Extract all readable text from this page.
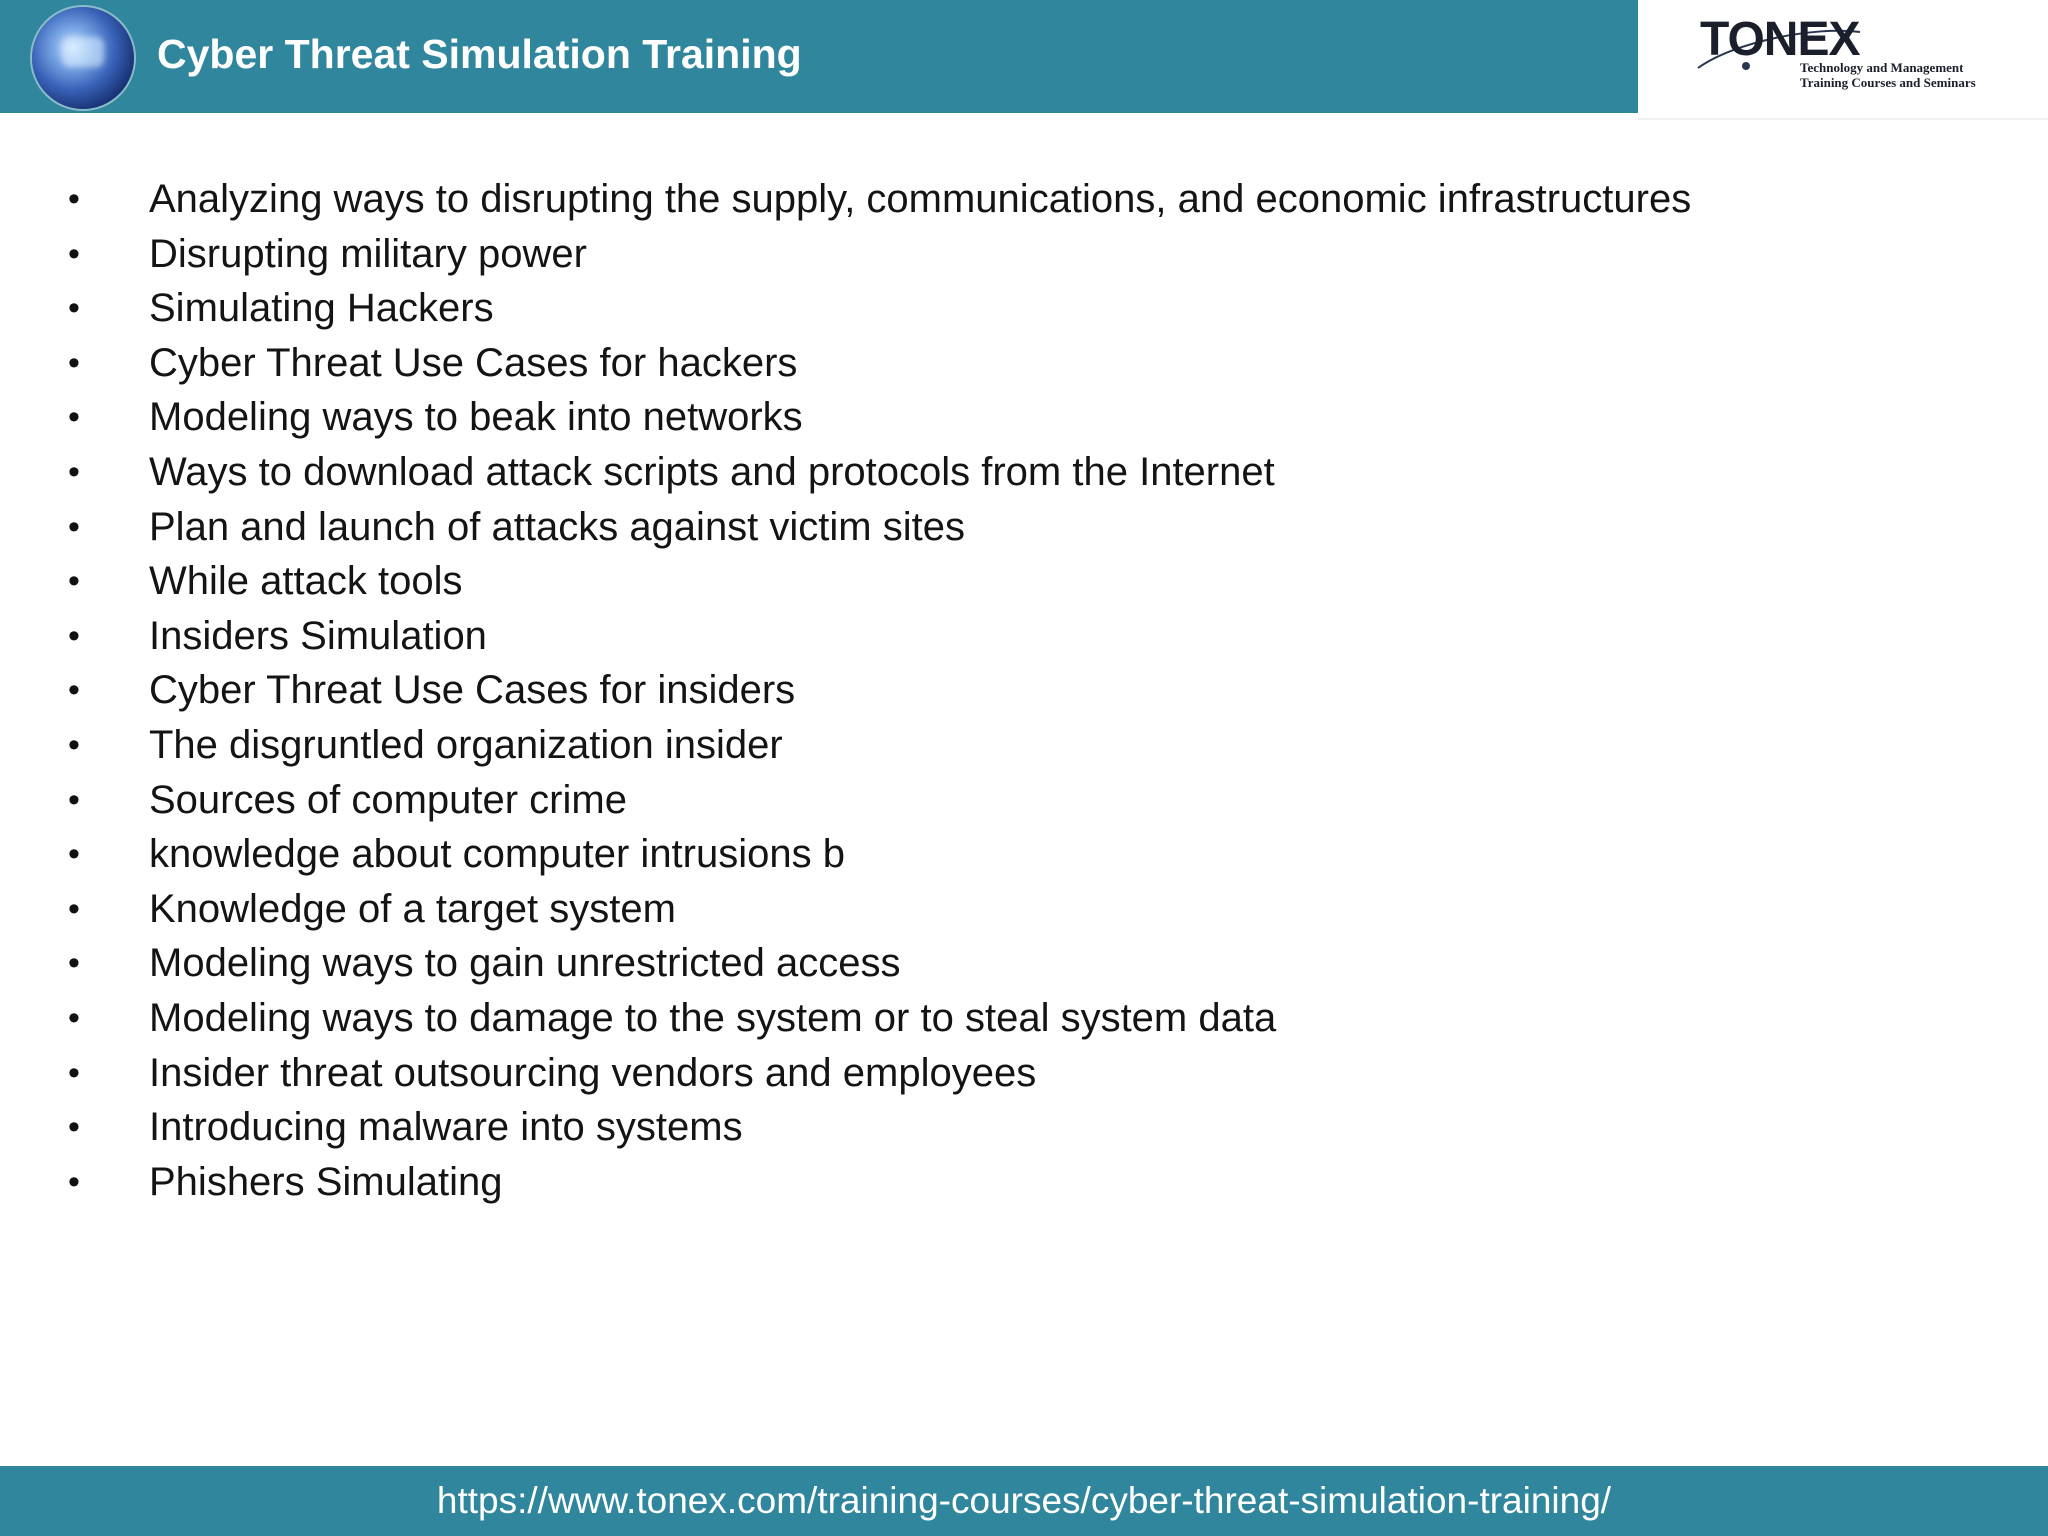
Cyber Threat Simulation Training	TONEX
Technology and Management
Training Courses and Seminars
• Analyzing ways to disrupting the supply, communications, and economic infrastructures
• Disrupting military power
• Simulating Hackers
• Cyber Threat Use Cases for hackers
• Modeling ways to beak into networks
• Ways to download attack scripts and protocols from the Internet
• Plan and launch of attacks against victim sites
• While attack tools
• Insiders Simulation
• Cyber Threat Use Cases for insiders
• The disgruntled organization insider
• Sources of computer crime
• knowledge about computer intrusions b
• Knowledge of a target system
• Modeling ways to gain unrestricted access
• Modeling ways to damage to the system or to steal system data
• Insider threat outsourcing vendors and employees
• Introducing malware into systems
• Phishers Simulating
https://www.tonex.com/training-courses/cyber-threat-simulation-training/
